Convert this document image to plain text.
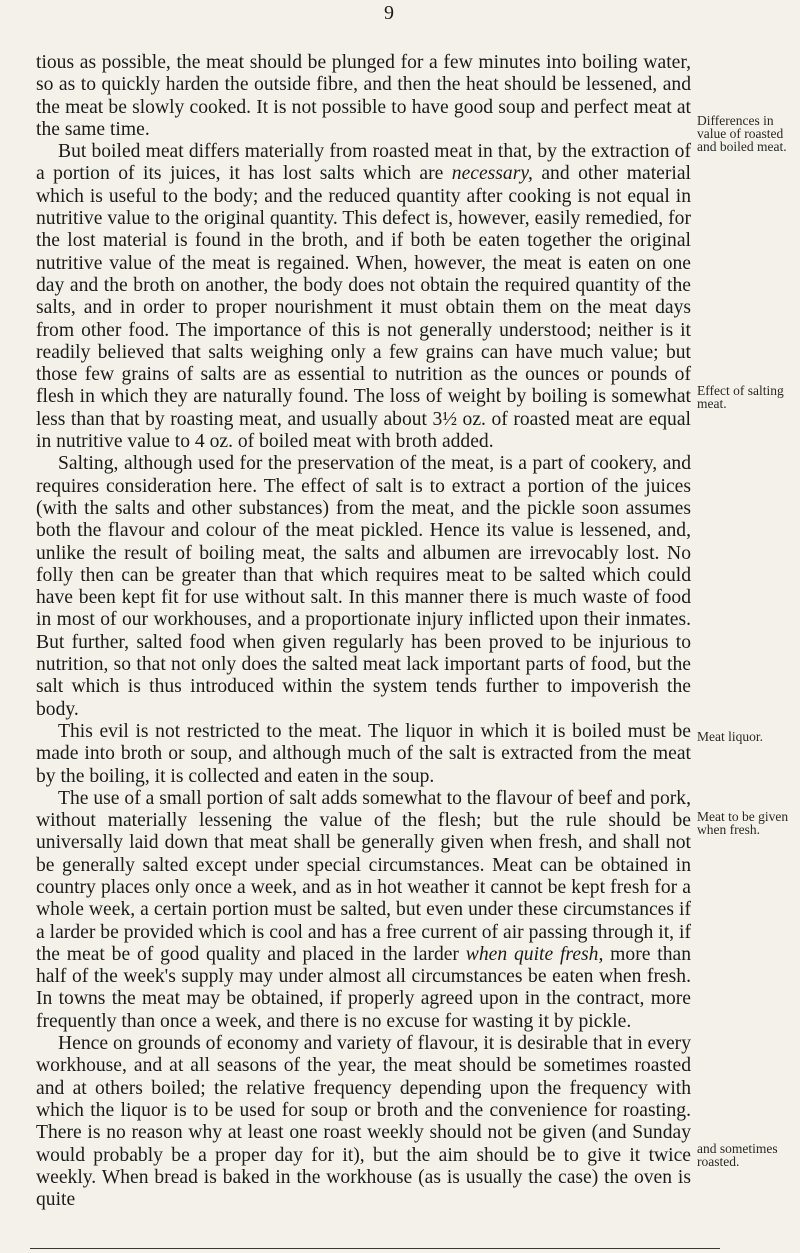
9

tious as possible, the meat should be plunged for a few minutes into boiling water, so as to quickly harden the outside fibre, and then the heat should be lessened, and the meat be slowly cooked. It is not possible to have good soup and perfect meat at the same time.

But boiled meat differs materially from roasted meat in that, by the extraction of a portion of its juices, it has lost salts which are necessary, and other material which is useful to the body; and the reduced quantity after cooking is not equal in nutritive value to the original quantity. This defect is, however, easily remedied, for the lost material is found in the broth, and if both be eaten together the original nutritive value of the meat is regained. When, however, the meat is eaten on one day and the broth on another, the body does not obtain the required quantity of the salts, and in order to proper nourishment it must obtain them on the meat days from other food. The importance of this is not generally understood; neither is it readily believed that salts weighing only a few grains can have much value; but those few grains of salts are as essential to nutrition as the ounces or pounds of flesh in which they are naturally found. The loss of weight by boiling is somewhat less than that by roasting meat, and usually about 3½ oz. of roasted meat are equal in nutritive value to 4 oz. of boiled meat with broth added.

Salting, although used for the preservation of the meat, is a part of cookery, and requires consideration here. The effect of salt is to extract a portion of the juices (with the salts and other substances) from the meat, and the pickle soon assumes both the flavour and colour of the meat pickled. Hence its value is lessened, and, unlike the result of boiling meat, the salts and albumen are irrevocably lost. No folly then can be greater than that which requires meat to be salted which could have been kept fit for use without salt. In this manner there is much waste of food in most of our workhouses, and a proportionate injury inflicted upon their inmates. But further, salted food when given regularly has been proved to be injurious to nutrition, so that not only does the salted meat lack important parts of food, but the salt which is thus introduced within the system tends further to impoverish the body.

This evil is not restricted to the meat. The liquor in which it is boiled must be made into broth or soup, and although much of the salt is extracted from the meat by the boiling, it is collected and eaten in the soup.

The use of a small portion of salt adds somewhat to the flavour of beef and pork, without materially lessening the value of the flesh; but the rule should be universally laid down that meat shall be generally given when fresh, and shall not be generally salted except under special circumstances. Meat can be obtained in country places only once a week, and as in hot weather it cannot be kept fresh for a whole week, a certain portion must be salted, but even under these circumstances if a larder be provided which is cool and has a free current of air passing through it, if the meat be of good quality and placed in the larder when quite fresh, more than half of the week's supply may under almost all circumstances be eaten when fresh. In towns the meat may be obtained, if properly agreed upon in the contract, more frequently than once a week, and there is no excuse for wasting it by pickle.

Hence on grounds of economy and variety of flavour, it is desirable that in every workhouse, and at all seasons of the year, the meat should be sometimes roasted and at others boiled; the relative frequency depending upon the frequency with which the liquor is to be used for soup or broth and the convenience for roasting. There is no reason why at least one roast weekly should not be given (and Sunday would probably be a proper day for it), but the aim should be to give it twice weekly. When bread is baked in the workhouse (as is usually the case) the oven is quite

Differences in value of roasted and boiled meat.
Effect of salting meat.
Meat liquor.
Meat to be given when fresh.
and sometimes roasted.
